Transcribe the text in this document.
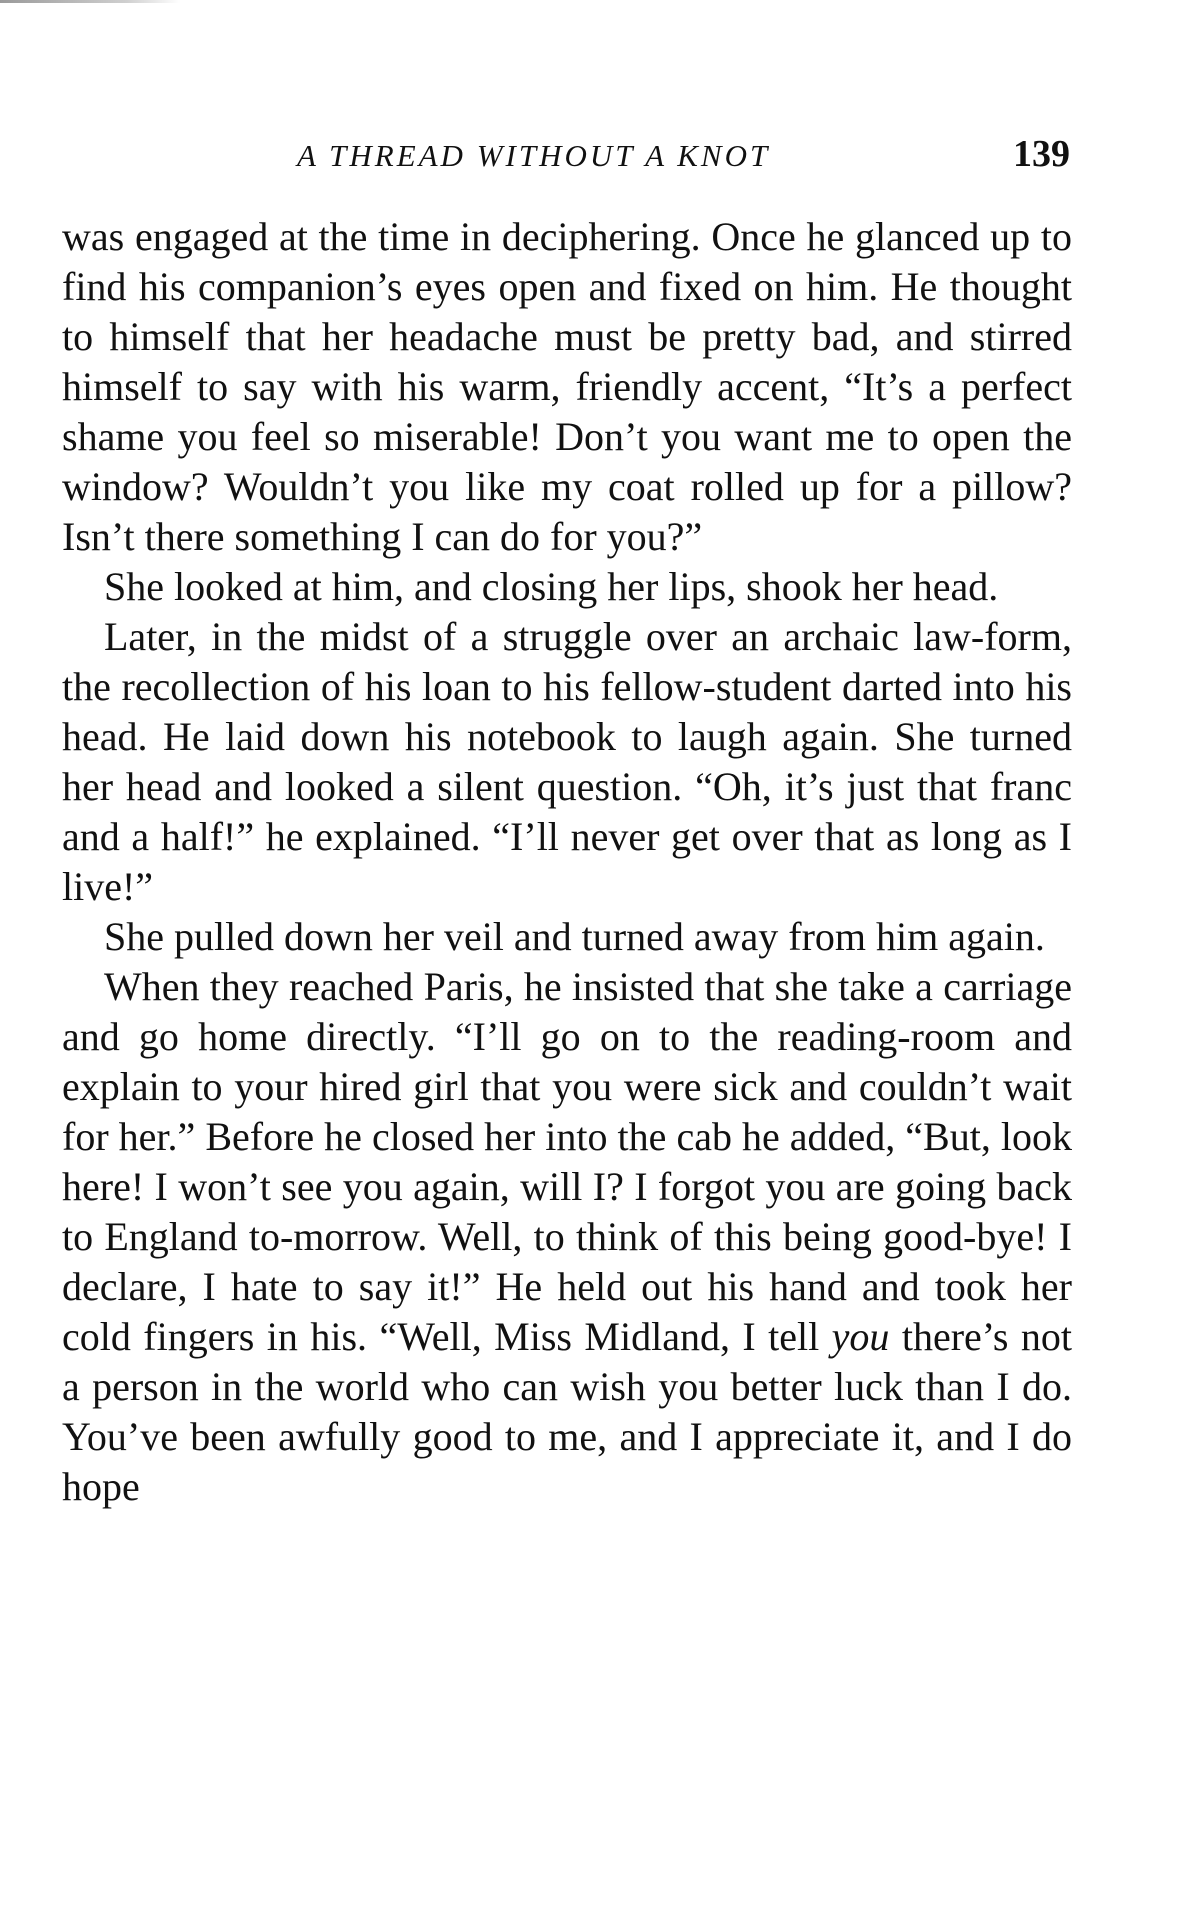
A THREAD WITHOUT A KNOT	139

was engaged at the time in deciphering. Once he glanced up to find his companion’s eyes open and fixed on him. He thought to himself that her headache must be pretty bad, and stirred himself to say with his warm, friendly accent, “It’s a perfect shame you feel so miserable! Don’t you want me to open the window? Wouldn’t you like my coat rolled up for a pillow? Isn’t there something I can do for you?”

She looked at him, and closing her lips, shook her head.

Later, in the midst of a struggle over an archaic law-form, the recollection of his loan to his fellow-student darted into his head. He laid down his notebook to laugh again. She turned her head and looked a silent question. “Oh, it’s just that franc and a half!” he explained. “I’ll never get over that as long as I live!”

She pulled down her veil and turned away from him again.

When they reached Paris, he insisted that she take a carriage and go home directly. “I’ll go on to the reading-room and explain to your hired girl that you were sick and couldn’t wait for her.” Before he closed her into the cab he added, “But, look here! I won’t see you again, will I? I forgot you are going back to England to-morrow. Well, to think of this being good-bye! I declare, I hate to say it!” He held out his hand and took her cold fingers in his. “Well, Miss Midland, I tell you there’s not a person in the world who can wish you better luck than I do. You’ve been awfully good to me, and I appreciate it, and I do hope
